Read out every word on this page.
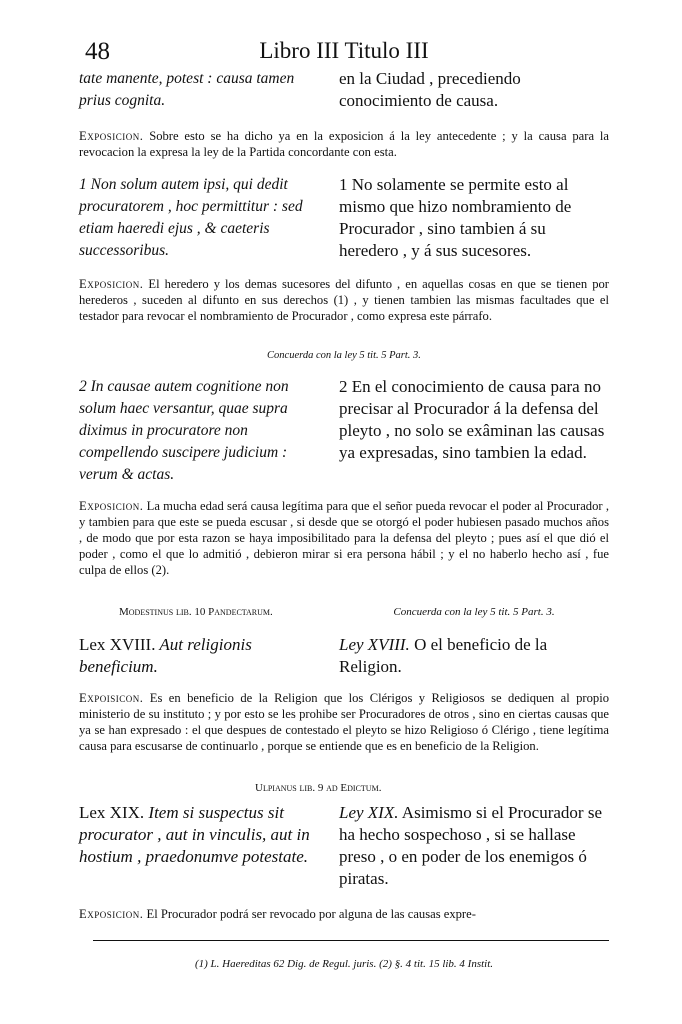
48	Libro III Titulo III
tate manente, potest : causa tamen prius cognita.
en la Ciudad , precediendo conocimiento de causa.

Exposicion. Sobre esto se ha dicho ya en la exposicion á la ley antecedente ; y la causa para la revocacion la expresa la ley de la Partida concordante con esta.

1 Non solum autem ipsi, qui dedit procuratorem , hoc permittitur : sed etiam haeredi ejus , & caeteris successoribus.
1 No solamente se permite esto al mismo que hizo nombramiento de Procurador , sino tambien á su heredero , y á sus sucesores.

Exposicion. El heredero y los demas sucesores del difunto , en aquellas cosas en que se tienen por herederos , suceden al difunto en sus derechos (1) , y tienen tambien las mismas facultades que el testador para revocar el nombramiento de Procurador , como expresa este párrafo.

Concuerda con la ley 5 tit. 5 Part. 3.
2 In causae autem cognitione non solum haec versantur, quae supra diximus in procuratore non compellendo suscipere judicium : verum & actas.
2 En el conocimiento de causa para no precisar al Procurador á la defensa del pleyto , no solo se exâminan las causas ya expresadas, sino tambien la edad.

Exposicion. La mucha edad será causa legítima para que el señor pueda revocar el poder al Procurador , y tambien para que este se pueda escusar , si desde que se otorgó el poder hubiesen pasado muchos años , de modo que por esta razon se haya imposibilitado para la defensa del pleyto ; pues así el que dió el poder , como el que lo admitió , debieron mirar si era persona hábil ; y el no haberlo hecho así , fue culpa de ellos (2).

Modestinus lib. 10 Pandectarum.	Concuerda con la ley 5 tit. 5 Part. 3.
Lex XVIII. Aut religionis beneficium.
Ley XVIII. O el beneficio de la Religion.

Expoisicon. Es en beneficio de la Religion que los Clérigos y Religiosos se dediquen al propio ministerio de su instituto ; y por esto se les prohibe ser Procuradores de otros , sino en ciertas causas que ya se han expresado : el que despues de contestado el pleyto se hizo Religioso ó Clérigo , tiene legítima causa para escusarse de continuarlo , porque se entiende que es en beneficio de la Religion.

Ulpianus lib. 9 ad Edictum.
Lex XIX. Item si suspectus sit procurator , aut in vinculis, aut in hostium , praedonumve potestate.
Ley XIX. Asimismo si el Procurador se ha hecho sospechoso , si se hallase preso , o en poder de los enemigos ó piratas.

Exposicion. El Procurador podrá ser revocado por alguna de las causas expre-

(1) L. Haereditas 62 Dig. de Regul. juris. (2) §. 4 tit. 15 lib. 4 Instit.
